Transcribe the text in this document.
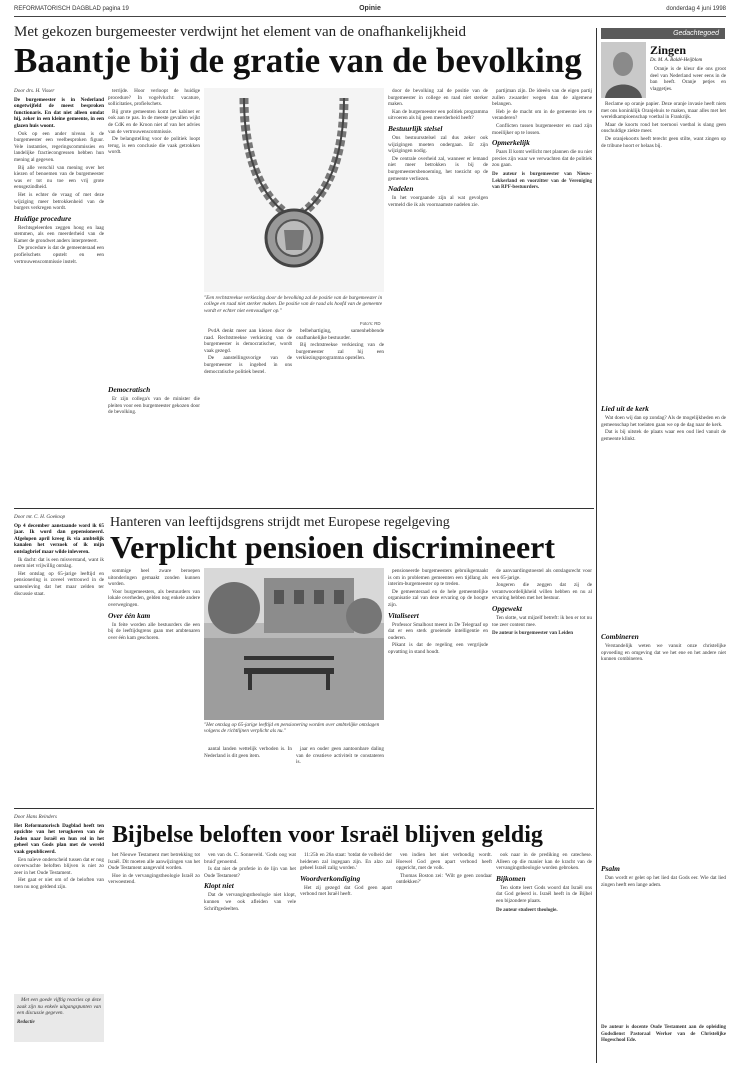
REFORMATORISCH DAGBLAD pagina 19	Opinie	donderdag 4 juni 1998
Gedachtegoed
Zingen
Ds. M. A. Baldé-Heijblom

Oranje is de kleur die ons groot deel van Nederland weer eens in de ban heeft. Oranje petjes en vlaggetjes.

Reclame op oranje papier. Deze oranje invasie heeft niets met ons koninklijk Oranjehuis te maken, maar alles met het wereldkampioenschap voetbal in Frankrijk.

Maar de koorts rond het toernooi voetbal is slang geen onschuldige ziekte meer.

De oranjekoorts heeft terecht geen stilte, want zingen op de tribune hoort er helaas bij.

Lied uit de kerk

Wat doen wij dan op zondag? Als de mogelijkheden en de gemeenschap het toelaten gaan we op de dag naar de kerk.

Dat is bij uitstek de plaats waar een oud lied vanuit de gemeente klinkt.

Combineren

Verstandelijk weten we vanuit onze christelijke opvoeding en omgeving dat we het ene en het andere niet kunnen combineren.

Psalm

Dan wordt er gelet op het lied dat Gods eer. Wie dat lied zingen heeft een lange adem.

De auteur is docente Oude Testament aan de opleiding Godsdienst Pastoraal Werker van de Christelijke Hogeschool Ede.

Met gekozen burgemeester verdwijnt het element van de onafhankelijkheid
Baantje bij de gratie van de bevolking

Door drs. H. Visser

De burgemeester is in Nederland ongetwijfeld de meest besproken functionaris. En dat niet alleen omdat hij, zeker in een kleine gemeente, in een glazen huis woont.

Ook op een ander niveau is de burgemeester een veelbesproken figuur. Vele instanties, regeringscommissies en landelijke fractiecongressen hebben hun mening al gegeven.

Bij alle verschil van mening over het kiezen of benoemen van de burgemeester was er tot nu toe een vrij grote eensgezindheid.

Het is echter de vraag of met deze wijziging meer betrokkenheid van de burgers verkregen wordt.

Huidige procedure

Rechtsgeleerden zeggen hoog en laag stemmen, als een meerderheid van de Kamer de grondwet anders interpreteert.

De procedure is dat de gemeenteraad een profielschets opstelt en een vertrouwenscommissie instelt.

terrijde. Hoor verloopt de huidige procedure? In vogelvlucht: vacature, sollicitaties, profielschets.

Bij grote gemeenten komt het kabinet er ook aan te pas. In de meeste gevallen wijkt de CdK en de Kroon niet af van het advies van de vertrouwenscommissie.

De belangstelling voor de politiek loopt terug, is een conclusie die vaak getrokken wordt.

Democratisch

Er zijn collega's van de minister die pleiten voor een burgemeester gekozen door de bevolking.

"Een rechtstreekse verkiezing door de bevolking zal de positie van de burgemeester in college en raad niet sterker maken. De positie van de raad als hoofd van de gemeente wordt er echter niet eenvoudiger op."
Foto's: RD

PvdA denkt meer aan kiezen door de raad. Rechtstreekse verkiezing van de burgemeester is democratischer, wordt vaak gezegd.

De aanstellingsvorige van de burgemeester is ingebed in ons democratische politiek bestel.

belbehartiging, samenhebbende onafhankelijke bestuurder.

Bij rechtstreekse verkiezing van de burgemeester zal hij een verkiezingsprogramma opstellen.

door de bevolking zal de positie van de burgemeester in college en raad niet sterker maken.

Kan de burgemeester een politiek programma uitvoeren als hij geen meerderheid heeft?

Bestuurlijk stelsel

Ons bestuursstelsel zal dus zeker ook wijzigingen moeten ondergaan. Er zijn wijzigingen nodig.

De centrale overheid zal, wanneer er lemand niet meer betrokken is bij de burgemeestersbenoeming, het toezicht op de gemeente verliezen.

Nadelen

In het voorgaande zijn al wat gevolgen vermeld die ik als voornaamste nadelen zie.

partijman zijn. De ideeën van de eigen partij zullen zwaarder wegen dan de algemene belangen.

Heb je de macht om in de gemeente iets te veranderen?

Conflicten tussen burgemeester en raad zijn moeilijker op te lossen.

Opmerkelijk

Paars II komt wellicht met plannen die nu niet precies zijn waar we verwachten dat de politiek zou gaan.

De auteur is burgemeester van Nieuw-Lekkerland en voorzitter van de Vereniging van RPF-bestuurders.

Door mr. C. H. Goekoop

Op 4 december aanstaande word ik 65 jaar. Ik word dan gepensioneerd. Afgelopen april kreeg ik via ambtelijk kanalen het verzoek of ik mijn ontslagbrief maar wilde inleveren.

Ik dacht: dat is een misverstand, want ik neem niet vrijwillig ontslag.

Het ontslag op 65-jarige leeftijd en pensionering is zoveel vertrouwd in de samenleving dat het maar zelden ter discussie staat.

Hanteren van leeftijdsgrens strijdt met Europese regelgeving
Verplicht pensioen discrimineert

sommige heel zware beroepen uitonderingen gemaakt zonden kunnen worden.

Voor burgemeesters, als bestuurders van lokale overheden, gelden nog enkele andere overwegingen.

Over één kam

In feite worden alle bestuurders die een bij de leeftijdsgrens gaan met ambtenaren over één kam geschoren.

"Het ontslag op 65-jarige leeftijd en pensionering worden over ambtelijke ontslagen volgens de richtlijnen verplicht als nu."

aantal landen wettelijk verboden is. In Nederland is dit geen item.

jaar en ouder geen aantoonbare daling van de creatieve activiteit te constateren is.

pensioneerde burgemeesters gebruikgemaakt is om in problemen gemeenten een tijdlang als interim-burgemeester op te treden.

De gemeenteraad en de hele gemeentelijke organisatie zal van deze ervaring op de hoogte zijn.

Vitaliseert

Professor Smalhout meent in De Telegraaf op dat er een sterk groeiende intelligentie en ouderen.

Pikant is dat de regeling een vergrijsde opvatting in stand houdt.

de aanvaardingstoestel als ontslagsrecht voor een 65-jarige.

Jongeren die zeggen dat zij de verantwoordelijkheid willen hebben en nu al ervaring hebben met het bestuur.

Opgewekt

Ten slotte, wat mijzelf betreft: ik ben er tot nu toe zeer content mee.

De auteur is burgemeester van Leiden

Door Hans Reinders

Het Reformatorisch Dagblad heeft ten opzichte van het terugkeren van de Joden naar Israël en hun rol in het geheel van Gods plan met de wereld vaak gepubliceerd.

Een naïeve onderscheid tussen dat er nog onverwachte beloften blijven is niet zo zeer in het Oude Testament.

Het gaat er niet om of de beloften van toen nu nog geldend zijn.

Met een goede vijftig reacties op deze zaak zijn nu enkele uitgangspunten van een discussie gegeven.

Redactie

Bijbelse beloften voor Israël blijven geldig

het Nieuwe Testament met betrekking tot Israël. Dit moeten alle aanwijzingen van het Oude Testament aangevuld worden.

Hoe in de vervangingstheologie Israël zo verwoestend.

ven van ds. C. Sonneveld. 'Gods oog wat bruid' genoemd.

Is dat niet de profetie in de lijn van het Oude Testament?

Klopt niet

Dat de vervangingstheologie niet klopt, kunnen we ook afleiden van vele Schriftgedeelten.

11:25b en 26a staat: 'totdat de volheid der heidenen zal ingegaan zijn. En alzo zal geheel Israël zalig worden.'

Woordverkondiging

Het zij gezegd dat God geen apart verbond met Israël heeft.

ven indien het niet verbondig wordt. Hoewel God geen apart verbond heeft opgericht, met de volk.

Thomas Boston zei: 'Wilt ge geen zondaar ontdekken?'

ook naar in de prediking en catechese. Alleen op die manier kan de kracht van de vervangingstheologie worden gebroken.

Bijkomen

Ten slotte leert Gods woord dat Israël ons dat God geleerd is. Israël heeft in de Bijbel een bijzondere plaats.

De auteur studeert theologie.
